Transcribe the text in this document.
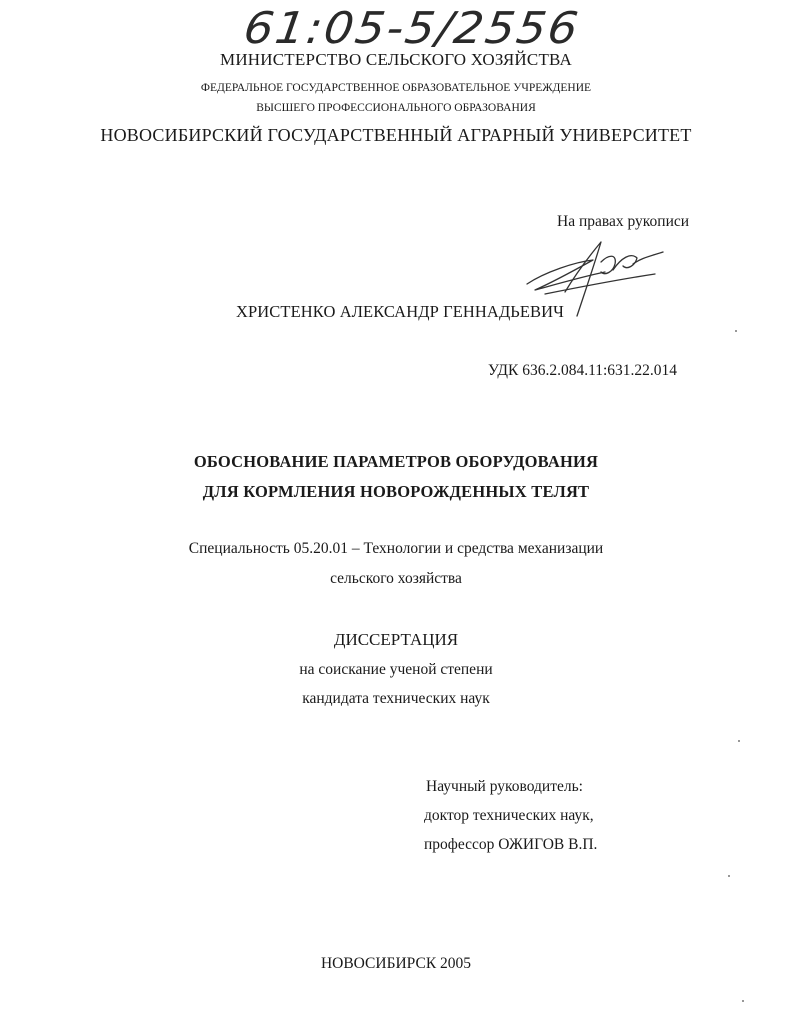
61:05-5/2556
МИНИСТЕРСТВО СЕЛЬСКОГО ХОЗЯЙСТВА
ФЕДЕРАЛЬНОЕ ГОСУДАРСТВЕННОЕ ОБРАЗОВАТЕЛЬНОЕ УЧРЕЖДЕНИЕ
ВЫСШЕГО ПРОФЕССИОНАЛЬНОГО ОБРАЗОВАНИЯ
НОВОСИБИРСКИЙ ГОСУДАРСТВЕННЫЙ АГРАРНЫЙ УНИВЕРСИТЕТ
На правах рукописи
ХРИСТЕНКО АЛЕКСАНДР ГЕННАДЬЕВИЧ
УДК 636.2.084.11:631.22.014
ОБОСНОВАНИЕ ПАРАМЕТРОВ ОБОРУДОВАНИЯ
ДЛЯ КОРМЛЕНИЯ НОВОРОЖДЕННЫХ ТЕЛЯТ
Специальность 05.20.01 – Технологии и средства механизации
сельского хозяйства
ДИССЕРТАЦИЯ
на соискание ученой степени
кандидата технических наук
Научный руководитель:
доктор технических наук,
профессор ОЖИГОВ В.П.
НОВОСИБИРСК 2005
